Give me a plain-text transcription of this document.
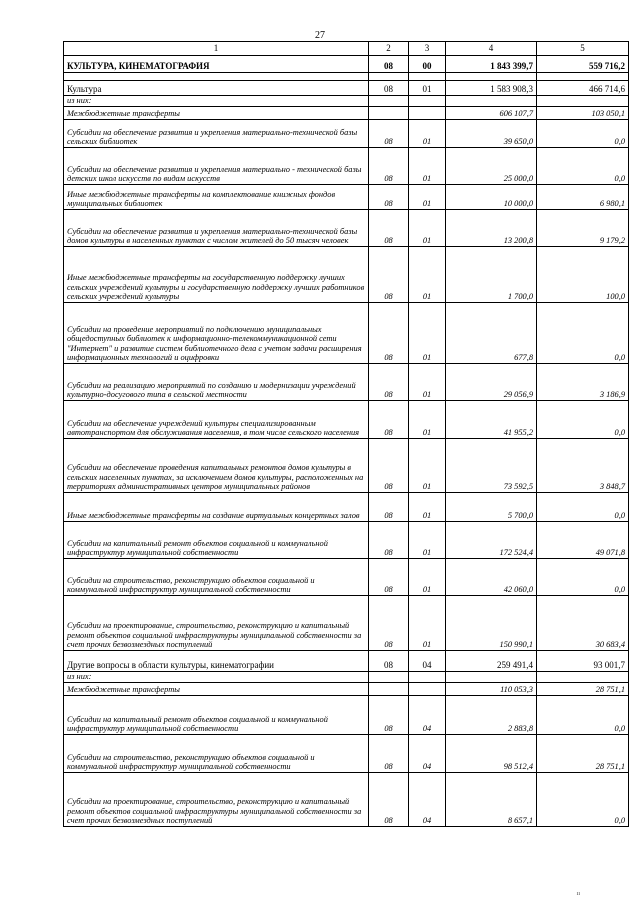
27
1	2	3	4	5
КУЛЬТУРА, КИНЕМАТОГРАФИЯ	08	00	1 843 399,7	559 716,2

Культура	08	01	1 583 908,3	466 714,6
из них:				
Межбюджетные трансферты			606 107,7	103 050,1
Субсидии на обеспечение развития и укрепления материально-технической базы сельских библиотек	08	01	39 650,0	0,0
Субсидии на обеспечение развития и укрепления материально - технической базы детских школ искусств по видам искусств	08	01	25 000,0	0,0
Иные межбюджетные трансферты на комплектование книжных фондов муниципальных библиотек	08	01	10 000,0	6 980,1
Субсидии на обеспечение развития и укрепления материально-технической базы домов культуры в населенных пунктах с числом жителей до 50 тысяч человек	08	01	13 200,8	9 179,2
Иные межбюджетные трансферты на государственную поддержку лучших сельских учреждений культуры и государственную поддержку лучших работников сельских учреждений культуры	08	01	1 700,0	100,0
Субсидии на проведение мероприятий по подключению муниципальных общедоступных библиотек к информационно-телекоммуникационной сети "Интернет" и развитие систем библиотечного дела с учетом задачи расширения информационных технологий и оцифровки	08	01	677,8	0,0
Субсидии на реализацию мероприятий по созданию и модернизации учреждений культурно-досугового типа в сельской местности	08	01	29 056,9	3 186,9
Субсидии на обеспечение учреждений культуры специализированным автотранспортом для обслуживания населения, в том числе сельского населения	08	01	41 955,2	0,0
Субсидии на обеспечение проведения капитальных ремонтов домов культуры в сельских населенных пунктах, за исключением домов культуры, расположенных на территориях административных центров муниципальных районов	08	01	73 592,5	3 848,7
Иные межбюджетные трансферты на создание виртуальных концертных залов	08	01	5 700,0	0,0
Субсидии на капитальный ремонт объектов социальной и коммунальной инфраструктур муниципальной собственности	08	01	172 524,4	49 071,8
Субсидии на строительство, реконструкцию объектов социальной и коммунальной инфраструктур муниципальной собственности	08	01	42 060,0	0,0
Субсидии на проектирование, строительство, реконструкцию и капитальный ремонт объектов социальной инфраструктуры муниципальной собственности за счет прочих безвозмездных поступлений	08	01	150 990,1	30 683,4
Другие вопросы в области культуры, кинематографии	08	04	259 491,4	93 001,7
из них:				
Межбюджетные трансферты			110 053,3	28 751,1
Субсидии на капитальный ремонт объектов социальной и коммунальной инфраструктур муниципальной собственности	08	04	2 883,8	0,0
Субсидии на строительство, реконструкцию объектов социальной и коммунальной инфраструктур муниципальной собственности	08	04	98 512,4	28 751,1
Субсидии на проектирование, строительство, реконструкцию и капитальный ремонт объектов социальной инфраструктуры муниципальной собственности за счет прочих безвозмездных поступлений	08	04	8 657,1	0,0
ıı
